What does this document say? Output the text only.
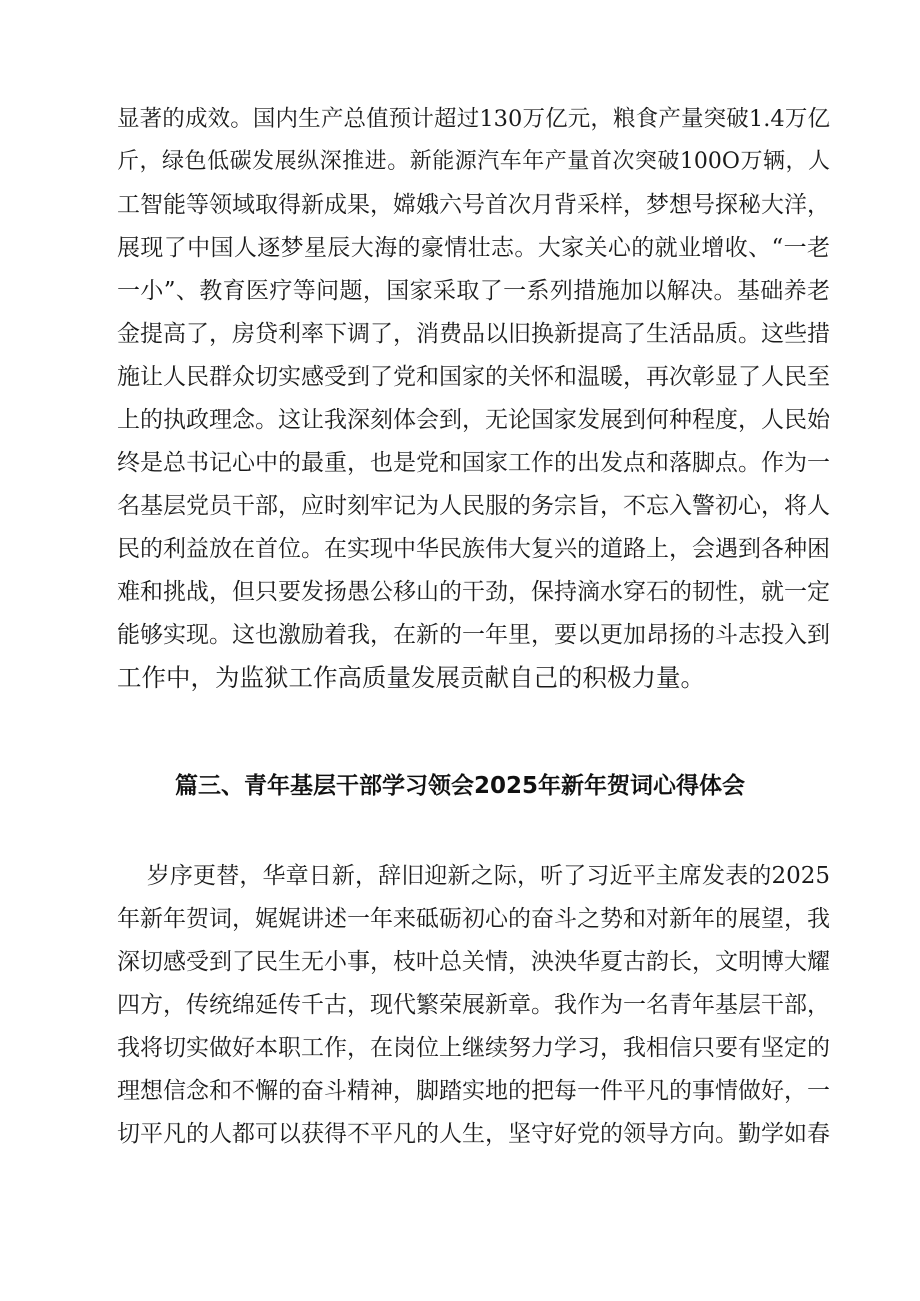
显著的成效。国内生产总值预计超过130万亿元，粮食产量突破1.4万亿
斤，绿色低碳发展纵深推进。新能源汽车年产量首次突破100O万辆，人
工智能等领域取得新成果，嫦娥六号首次月背采样，梦想号探秘大洋，
展现了中国人逐梦星辰大海的豪情壮志。大家关心的就业增收、“一老
一小”、教育医疗等问题，国家采取了一系列措施加以解决。基础养老
金提高了，房贷利率下调了，消费品以旧换新提高了生活品质。这些措
施让人民群众切实感受到了党和国家的关怀和温暖，再次彰显了人民至
上的执政理念。这让我深刻体会到，无论国家发展到何种程度，人民始
终是总书记心中的最重，也是党和国家工作的出发点和落脚点。作为一
名基层党员干部，应时刻牢记为人民服的务宗旨，不忘入警初心，将人
民的利益放在首位。在实现中华民族伟大复兴的道路上，会遇到各种困
难和挑战，但只要发扬愚公移山的干劲，保持滴水穿石的韧性，就一定
能够实现。这也激励着我，在新的一年里，要以更加昂扬的斗志投入到
工作中，为监狱工作高质量发展贡献自己的积极力量。
篇三、青年基层干部学习领会2025年新年贺词心得体会
岁序更替，华章日新，辞旧迎新之际，听了习近平主席发表的2025
年新年贺词，娓娓讲述一年来砥砺初心的奋斗之势和对新年的展望，我
深切感受到了民生无小事，枝叶总关情，泱泱华夏古韵长，文明博大耀
四方，传统绵延传千古，现代繁荣展新章。我作为一名青年基层干部，
我将切实做好本职工作，在岗位上继续努力学习，我相信只要有坚定的
理想信念和不懈的奋斗精神，脚踏实地的把每一件平凡的事情做好，一
切平凡的人都可以获得不平凡的人生，坚守好党的领导方向。勤学如春
